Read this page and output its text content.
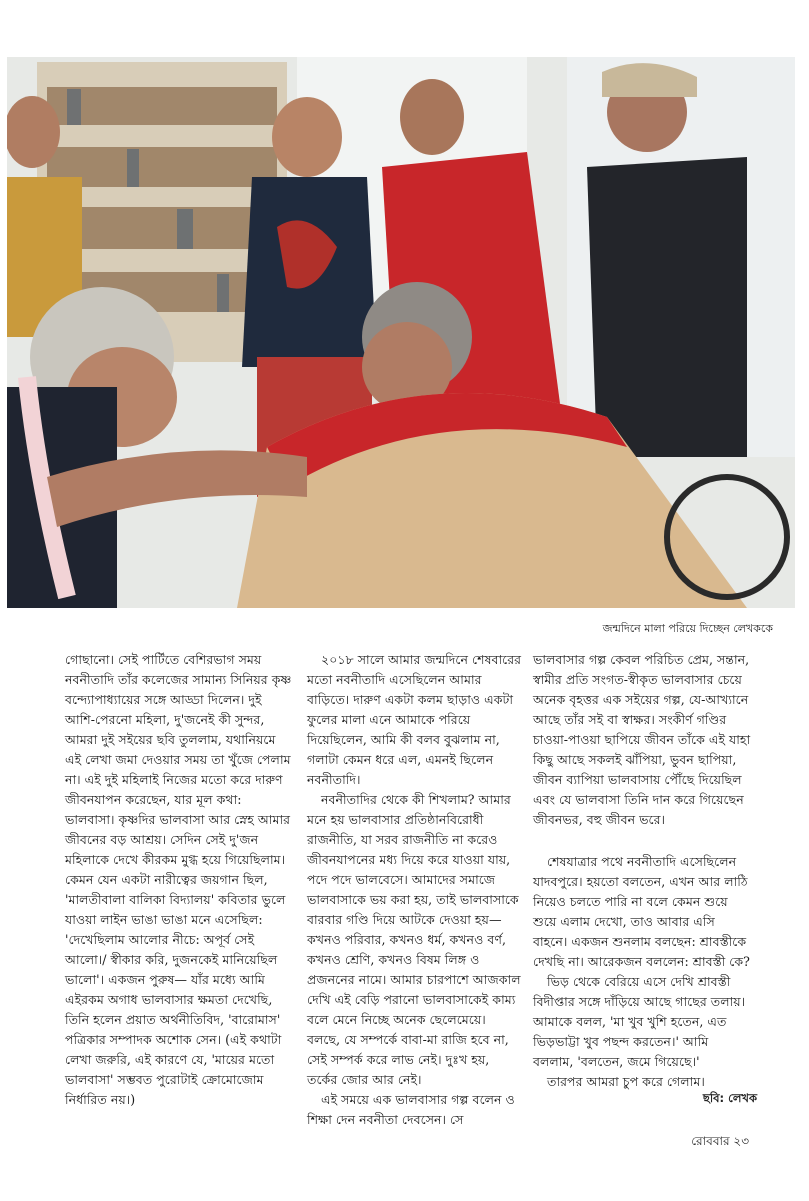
জন্মদিনে মালা পরিয়ে দিচ্ছেন লেখককে

গোছানো। সেই পার্টিতে বেশিরভাগ সময় নবনীতাদি তাঁর কলেজের সামান্য সিনিয়র কৃষ্ণ বন্দ্যোপাধ্যায়ের সঙ্গে আড্ডা দিলেন। দুই আশি-পেরনো মহিলা, দু'জনেই কী সুন্দর, আমরা দুই সইয়ের ছবি তুললাম, যথানিয়মে এই লেখা জমা দেওয়ার সময় তা খুঁজে পেলাম না। এই দুই মহিলাই নিজের মতো করে দারুণ জীবনযাপন করেছেন, যার মূল কথা: ভালবাসা। কৃষ্ণদির ভালবাসা আর স্নেহ আমার জীবনের বড় আশ্রয়। সেদিন সেই দু'জন মহিলাকে দেখে কীরকম মুগ্ধ হয়ে গিয়েছিলাম। কেমন যেন একটা নারীত্বের জয়গান ছিল, 'মালতীবালা বালিকা বিদ্যালয়' কবিতার ভুলে যাওয়া লাইন ভাঙা ভাঙা মনে এসেছিল: 'দেখেছিলাম আলোর নীচে: অপূর্ব সেই আলো।/ স্বীকার করি, দুজনকেই মানিয়েছিল ভালো'। একজন পুরুষ— যাঁর মধ্যে আমি এইরকম অগাধ ভালবাসার ক্ষমতা দেখেছি, তিনি হলেন প্রয়াত অর্থনীতিবিদ, 'বারোমাস' পত্রিকার সম্পাদক অশোক সেন। (এই কথাটা লেখা জরুরি, এই কারণে যে, 'মায়ের মতো ভালবাসা' সম্ভবত পুরোটাই ক্রোমোজোম নির্ধারিত নয়।)

২০১৮ সালে আমার জন্মদিনে শেষবারের মতো নবনীতাদি এসেছিলেন আমার বাড়িতে। দারুণ একটা কলম ছাড়াও একটা ফুলের মালা এনে আমাকে পরিয়ে দিয়েছিলেন, আমি কী বলব বুঝলাম না, গলাটা কেমন ধরে এল, এমনই ছিলেন নবনীতাদি।

নবনীতাদির থেকে কী শিখলাম? আমার মনে হয় ভালবাসার প্রতিষ্ঠানবিরোধী রাজনীতি, যা সরব রাজনীতি না করেও জীবনযাপনের মধ্য দিয়ে করে যাওয়া যায়, পদে পদে ভালবেসে। আমাদের সমাজে ভালবাসাকে ভয় করা হয়, তাই ভালবাসাকে বারবার গণ্ডি দিয়ে আটকে দেওয়া হয়— কখনও পরিবার, কখনও ধর্ম, কখনও বর্ণ, কখনও শ্রেণি, কখনও বিষম লিঙ্গ ও প্রজননের নামে। আমার চারপাশে আজকাল দেখি এই বেড়ি পরানো ভালবাসাকেই কাম্য বলে মেনে নিচ্ছে অনেক ছেলেমেয়ে। বলছে, যে সম্পর্কে বাবা-মা রাজি হবে না, সেই সম্পর্ক করে লাভ নেই। দুঃখ হয়, তর্কের জোর আর নেই।

এই সময়ে এক ভালবাসার গল্প বলেন ও শিক্ষা দেন নবনীতা দেবসেন। সে

ভালবাসার গল্প কেবল পরিচিত প্রেম, সন্তান, স্বামীর প্রতি সংগত-স্বীকৃত ভালবাসার চেয়ে অনেক বৃহত্তর এক সইয়ের গল্প, যে-আখ্যানে আছে তাঁর সই বা স্বাক্ষর। সংকীর্ণ গণ্ডির চাওয়া-পাওয়া ছাপিয়ে জীবন তাঁকে এই যাহা কিছু আছে সকলই ঝাঁপিয়া, ভুবন ছাপিয়া, জীবন ব্যাপিয়া ভালবাসায় পৌঁছে দিয়েছিল এবং যে ভালবাসা তিনি দান করে গিয়েছেন জীবনভর, বহু জীবন ভরে।

শেষযাত্রার পথে নবনীতাদি এসেছিলেন যাদবপুরে। হয়তো বলতেন, এখন আর লাঠি নিয়েও চলতে পারি না বলে কেমন শুয়ে শুয়ে এলাম দেখো, তাও আবার এসি বাহনে। একজন শুনলাম বলছেন: শ্রাবস্তীকে দেখছি না। আরেকজন বললেন: শ্রাবস্তী কে?

ভিড় থেকে বেরিয়ে এসে দেখি শ্রাবস্তী বিদীপ্তার সঙ্গে দাঁড়িয়ে আছে গাছের তলায়। আমাকে বলল, 'মা খুব খুশি হতেন, এত ভিড়ভাট্টা খুব পছন্দ করতেন।' আমি বললাম, 'বলতেন, জমে গিয়েছে।'

তারপর আমরা চুপ করে গেলাম।

ছবি: লেখক
রোববার ২৩
